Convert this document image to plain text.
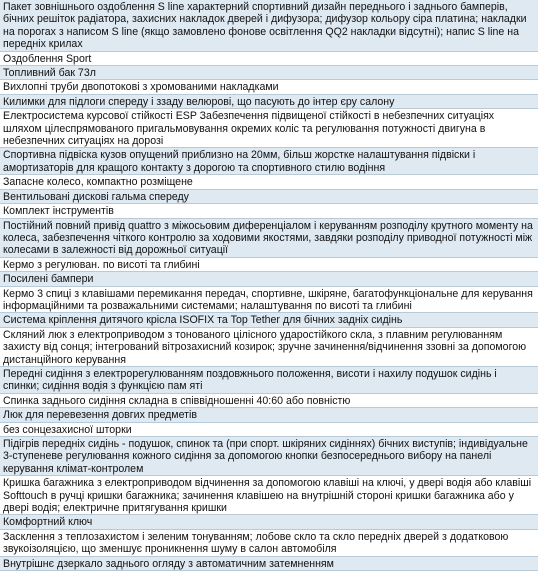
Пакет зовнішнього оздоблення S line характерний спортивний дизайн переднього і заднього бамперів, бічних решіток радіатора, захисних накладок дверей і дифузора; дифузор кольору сіра платина; накладки на порогах з написом S line (якщо замовлено фонове освітлення QQ2 накладки відсутні); напис S line на передніх крилах
Оздоблення Sport
Топливний бак 73л
Вихлопні труби двопотокові з хромованими накладками
Килимки для підлоги спереду і ззаду велюрові, що пасують до інтер єру салону
Електросистема курсової стійкості ESP Забезпечення підвищеної стійкості в небезпечних ситуаціях шляхом цілеспрямованого пригальмовування окремих коліс та регулювання потужності двигуна в небезпечних ситуаціях на дорозі
Спортивна підвіска кузов опущений приблизно на 20мм, більш жорстке налаштування підвіски і амортизаторів для кращого контакту з дорогою та спортивного стилю водіння
Запасне колесо, компактно розміщене
Вентильовані дискові гальма спереду
Комплект інструментів
Постійний повний привід quattro з міжосьовим диференціалом і керуванням розподілу крутного моменту на колеса, забезпечення чіткого контролю за ходовими якостями, завдяки розподілу приводної потужності між колесами в залежності від дорожньої ситуації
Кермо з регулюван. по висоті та глибині
Посилені бампери
Кермо 3 спиці з клавішами перемикання передач, спортивне, шкіряне, багатофункціональне для керування інформаційними та розважальними системами; налаштування по висоті та глибині
Система кріплення дитячого крісла ISOFIX та Top Tether для бічних задніх сидінь
Скляний люк з електроприводом з тонованого цілісного ударостійкого скла, з плавним регулюванням захисту від сонця; інтегрований вітрозахисний козирок; зручне зачинення/відчинення ззовні за допомогою дистанційного керування
Передні сидіння з електрорегулюванням поздовжнього положення, висоти і нахилу подушок сидінь і спинки; сидіння водія з функцією пам яті
Спинка заднього сидіння складна в співвідношенні 40:60 або повністю
Люк для перевезення довгих предметів
без сонцезахисної шторки
Підігрів передніх сидінь - подушок, спинок та (при спорт. шкіряних сидіннях) бічних виступів; індивідуальне 3-ступеневе регулювання кожного сидіння за допомогою кнопки безпосереднього вибору на панелі керування клімат-контролем
Кришка багажника з електроприводом відчинення за допомогою клавіші на ключі, у двері водія або клавіші Softtouch в ручці кришки багажника; зачинення клавішею на внутрішній стороні кришки багажника або у двері водія; електричне притягування кришки
Комфортний ключ
Засклення з теплозахистом і зеленим тонуванням; лобове скло та скло передніх дверей з додатковою звукоізоляцією, що зменшує проникнення шуму в салон автомобіля
Внутрішнє дзеркало заднього огляду з автоматичним затемненням
